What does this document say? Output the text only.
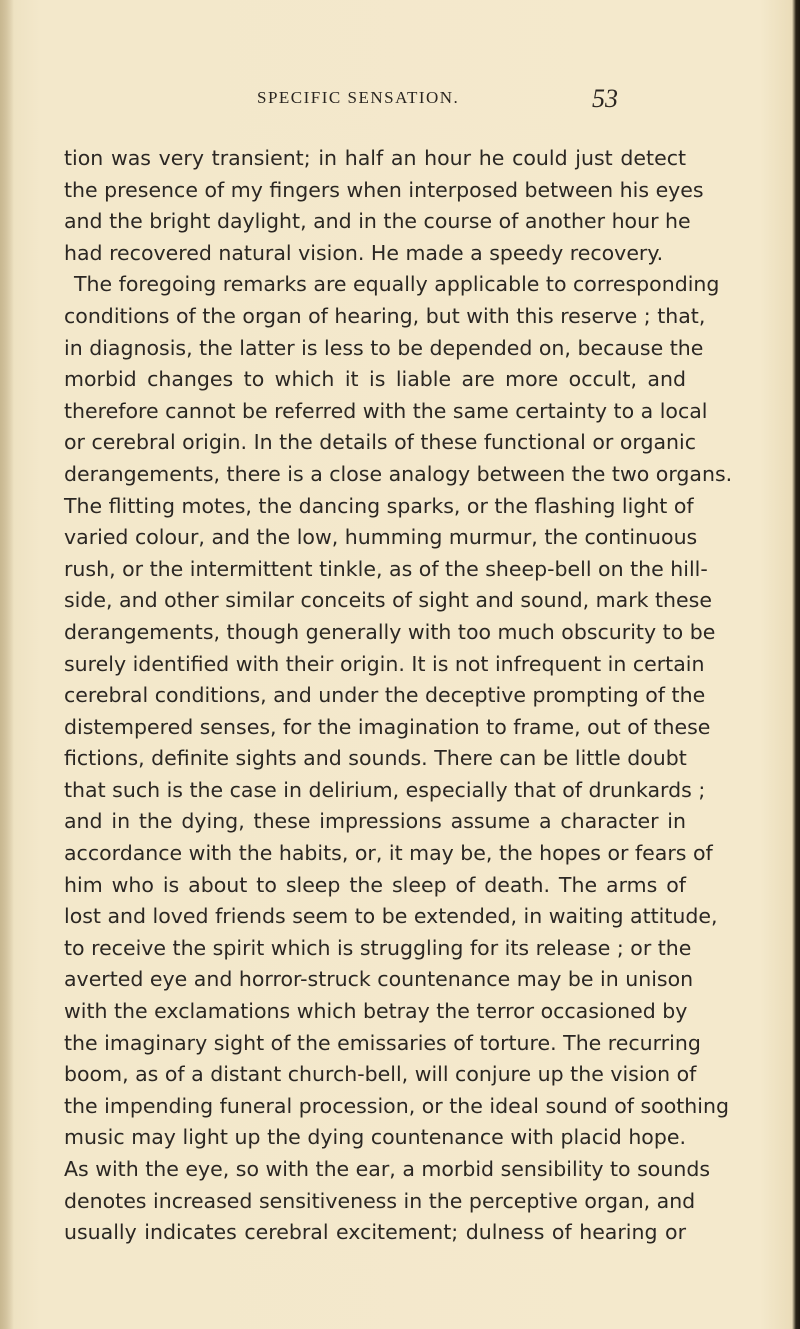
SPECIFIC SENSATION.	53
tion was very transient; in half an hour he could just detect
the presence of my fingers when interposed between his eyes
and the bright daylight, and in the course of another hour he
had recovered natural vision. He made a speedy recovery.
The foregoing remarks are equally applicable to corresponding
conditions of the organ of hearing, but with this reserve ; that,
in diagnosis, the latter is less to be depended on, because the
morbid changes to which it is liable are more occult, and
therefore cannot be referred with the same certainty to a local
or cerebral origin. In the details of these functional or organic
derangements, there is a close analogy between the two organs.
The flitting motes, the dancing sparks, or the flashing light of
varied colour, and the low, humming murmur, the continuous
rush, or the intermittent tinkle, as of the sheep-bell on the hill-
side, and other similar conceits of sight and sound, mark these
derangements, though generally with too much obscurity to be
surely identified with their origin. It is not infrequent in certain
cerebral conditions, and under the deceptive prompting of the
distempered senses, for the imagination to frame, out of these
fictions, definite sights and sounds. There can be little doubt
that such is the case in delirium, especially that of drunkards ;
and in the dying, these impressions assume a character in
accordance with the habits, or, it may be, the hopes or fears of
him who is about to sleep the sleep of death. The arms of
lost and loved friends seem to be extended, in waiting attitude,
to receive the spirit which is struggling for its release ; or the
averted eye and horror-struck countenance may be in unison
with the exclamations which betray the terror occasioned by
the imaginary sight of the emissaries of torture. The recurring
boom, as of a distant church-bell, will conjure up the vision of
the impending funeral procession, or the ideal sound of soothing
music may light up the dying countenance with placid hope.
As with the eye, so with the ear, a morbid sensibility to sounds
denotes increased sensitiveness in the perceptive organ, and
usually indicates cerebral excitement; dulness of hearing or
